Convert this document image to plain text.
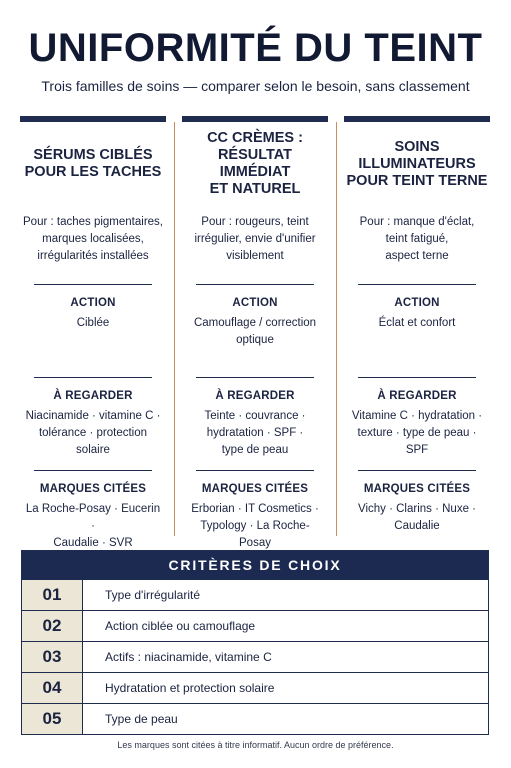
UNIFORMITÉ DU TEINT
Trois familles de soins — comparer selon le besoin, sans classement
SÉRUMS CIBLÉS
POUR LES TACHES
Pour : taches pigmentaires,
marques localisées,
irrégularités installées
ACTION
Ciblée
À REGARDER
Niacinamide · vitamine C ·
tolérance · protection solaire
MARQUES CITÉES
La Roche-Posay · Eucerin ·
Caudalie · SVR
CC CRÈMES :
RÉSULTAT IMMÉDIAT
ET NATUREL
Pour : rougeurs, teint
irrégulier, envie d'unifier
visiblement
ACTION
Camouflage / correction
optique
À REGARDER
Teinte · couvrance ·
hydratation · SPF ·
type de peau
MARQUES CITÉES
Erborian · IT Cosmetics ·
Typology · La Roche-Posay
SOINS ILLUMINATEURS
POUR TEINT TERNE
Pour : manque d'éclat,
teint fatigué,
aspect terne
ACTION
Éclat et confort
À REGARDER
Vitamine C · hydratation ·
texture · type de peau · SPF
MARQUES CITÉES
Vichy · Clarins · Nuxe ·
Caudalie
CRITÈRES DE CHOIX
01	Type d'irrégularité
02	Action ciblée ou camouflage
03	Actifs : niacinamide, vitamine C
04	Hydratation et protection solaire
05	Type de peau
Les marques sont citées à titre informatif. Aucun ordre de préférence.
